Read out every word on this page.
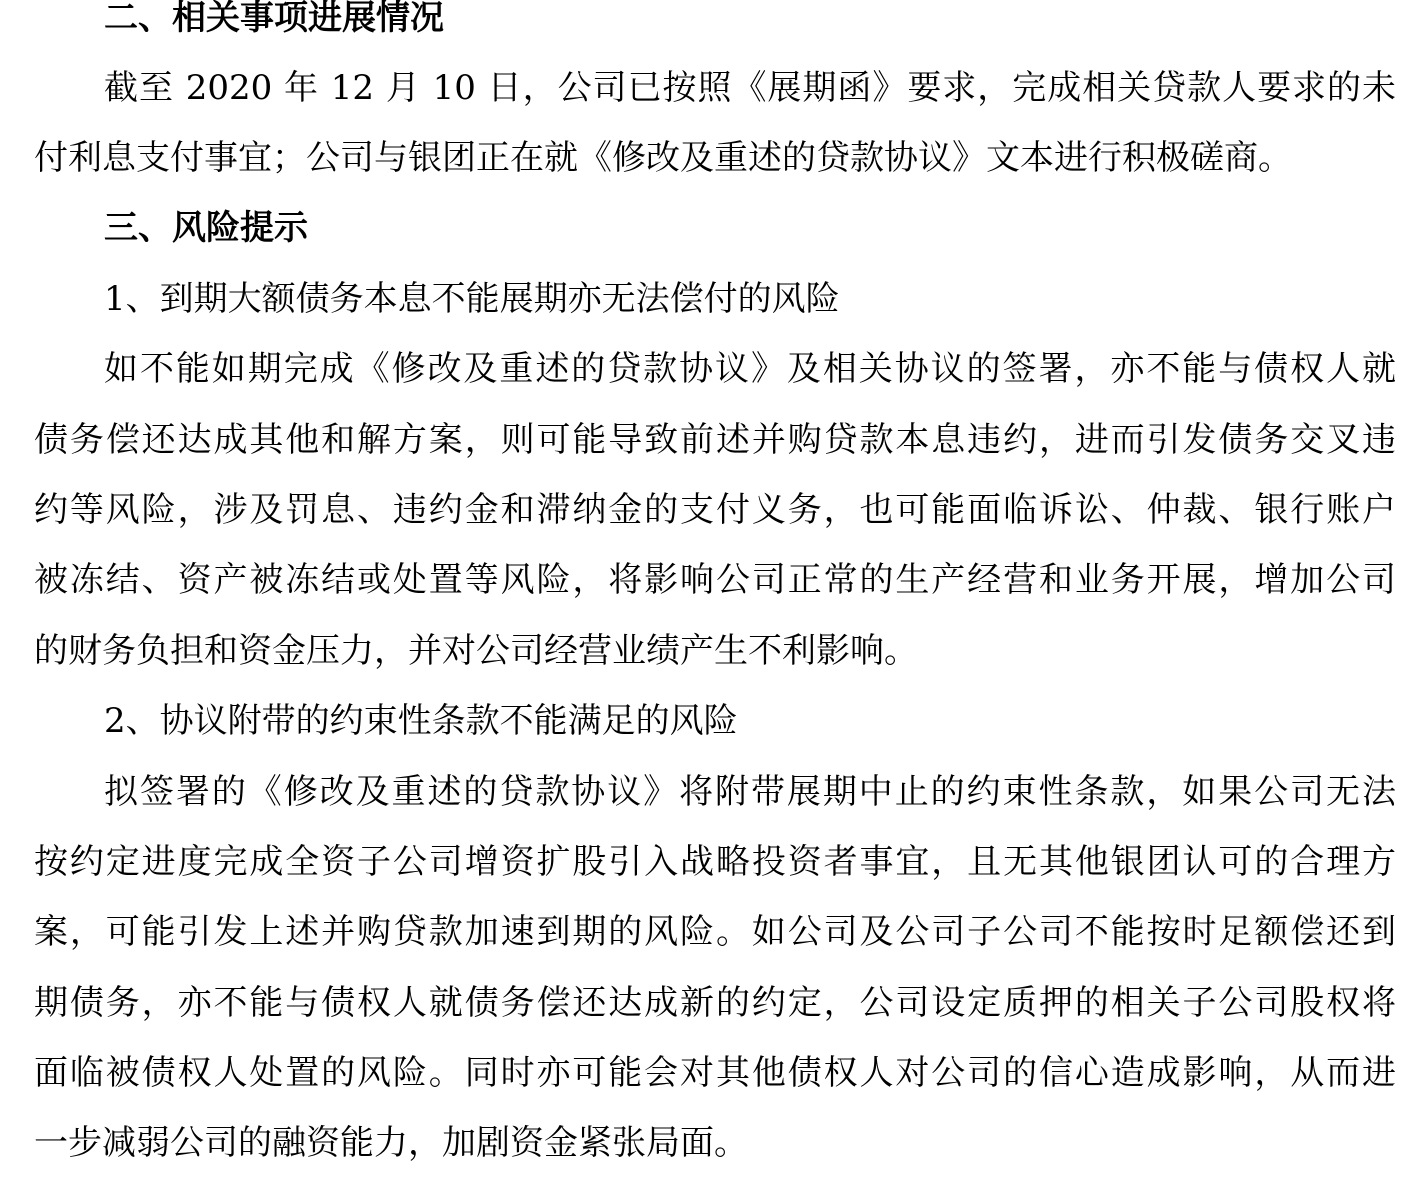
二、相关事项进展情况
截至 2020 年 12 月 10 日，公司已按照《展期函》要求，完成相关贷款人要求的未
付利息支付事宜；公司与银团正在就《修改及重述的贷款协议》文本进行积极磋商。
三、风险提示
1、到期大额债务本息不能展期亦无法偿付的风险
如不能如期完成《修改及重述的贷款协议》及相关协议的签署，亦不能与债权人就
债务偿还达成其他和解方案，则可能导致前述并购贷款本息违约，进而引发债务交叉违
约等风险，涉及罚息、违约金和滞纳金的支付义务，也可能面临诉讼、仲裁、银行账户
被冻结、资产被冻结或处置等风险，将影响公司正常的生产经营和业务开展，增加公司
的财务负担和资金压力，并对公司经营业绩产生不利影响。
2、协议附带的约束性条款不能满足的风险
拟签署的《修改及重述的贷款协议》将附带展期中止的约束性条款，如果公司无法
按约定进度完成全资子公司增资扩股引入战略投资者事宜，且无其他银团认可的合理方
案，可能引发上述并购贷款加速到期的风险。如公司及公司子公司不能按时足额偿还到
期债务，亦不能与债权人就债务偿还达成新的约定，公司设定质押的相关子公司股权将
面临被债权人处置的风险。同时亦可能会对其他债权人对公司的信心造成影响，从而进
一步减弱公司的融资能力，加剧资金紧张局面。
